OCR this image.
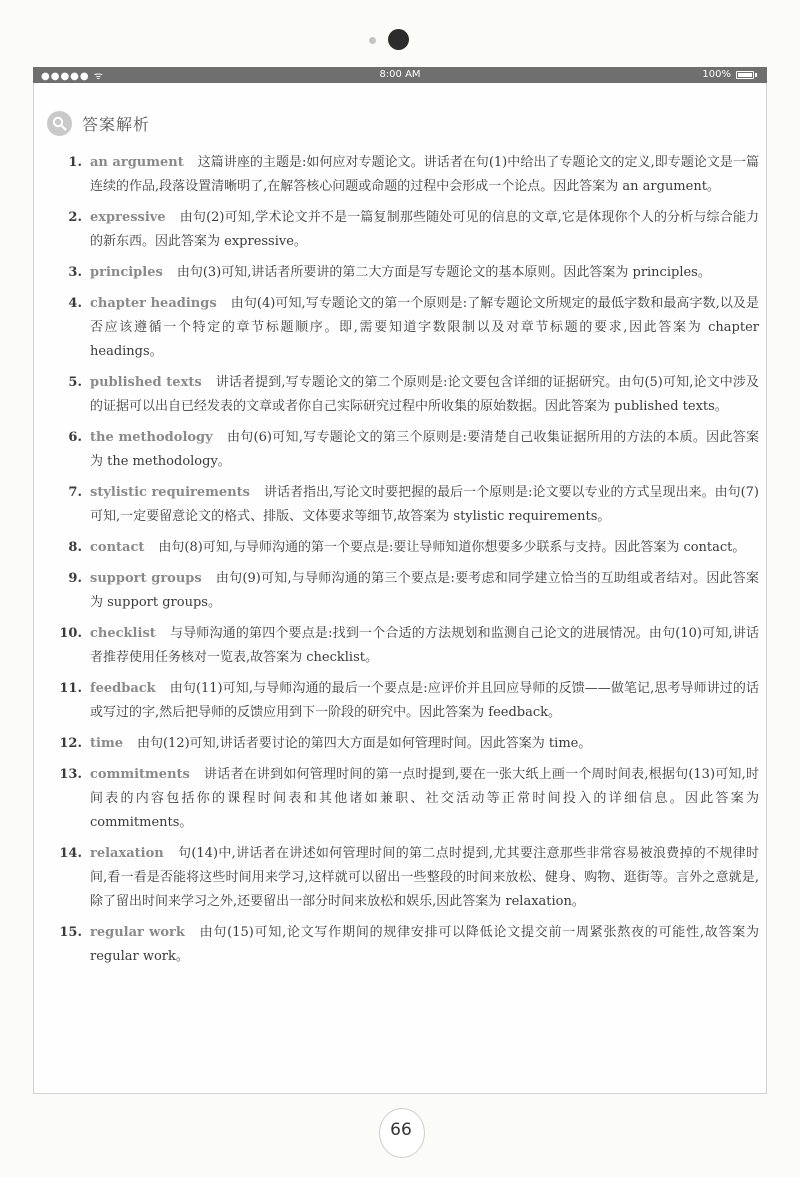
●●●●● ᯤ	8:00 AM	100%
答案解析
1. an argument 这篇讲座的主题是:如何应对专题论文。讲话者在句(1)中给出了专题论文的定义,即专题论文是一篇连续的作品,段落设置清晰明了,在解答核心问题或命题的过程中会形成一个论点。因此答案为 an argument。
2. expressive 由句(2)可知,学术论文并不是一篇复制那些随处可见的信息的文章,它是体现你个人的分析与综合能力的新东西。因此答案为 expressive。
3. principles 由句(3)可知,讲话者所要讲的第二大方面是写专题论文的基本原则。因此答案为 principles。
4. chapter headings 由句(4)可知,写专题论文的第一个原则是:了解专题论文所规定的最低字数和最高字数,以及是否应该遵循一个特定的章节标题顺序。即,需要知道字数限制以及对章节标题的要求,因此答案为 chapter headings。
5. published texts 讲话者提到,写专题论文的第二个原则是:论文要包含详细的证据研究。由句(5)可知,论文中涉及的证据可以出自已经发表的文章或者你自己实际研究过程中所收集的原始数据。因此答案为 published texts。
6. the methodology 由句(6)可知,写专题论文的第三个原则是:要清楚自己收集证据所用的方法的本质。因此答案为 the methodology。
7. stylistic requirements 讲话者指出,写论文时要把握的最后一个原则是:论文要以专业的方式呈现出来。由句(7)可知,一定要留意论文的格式、排版、文体要求等细节,故答案为 stylistic requirements。
8. contact 由句(8)可知,与导师沟通的第一个要点是:要让导师知道你想要多少联系与支持。因此答案为 contact。
9. support groups 由句(9)可知,与导师沟通的第三个要点是:要考虑和同学建立恰当的互助组或者结对。因此答案为 support groups。
10. checklist 与导师沟通的第四个要点是:找到一个合适的方法规划和监测自己论文的进展情况。由句(10)可知,讲话者推荐使用任务核对一览表,故答案为 checklist。
11. feedback 由句(11)可知,与导师沟通的最后一个要点是:应评价并且回应导师的反馈——做笔记,思考导师讲过的话或写过的字,然后把导师的反馈应用到下一阶段的研究中。因此答案为 feedback。
12. time 由句(12)可知,讲话者要讨论的第四大方面是如何管理时间。因此答案为 time。
13. commitments 讲话者在讲到如何管理时间的第一点时提到,要在一张大纸上画一个周时间表,根据句(13)可知,时间表的内容包括你的课程时间表和其他诸如兼职、社交活动等正常时间投入的详细信息。因此答案为 commitments。
14. relaxation 句(14)中,讲话者在讲述如何管理时间的第二点时提到,尤其要注意那些非常容易被浪费掉的不规律时间,看一看是否能将这些时间用来学习,这样就可以留出一些整段的时间来放松、健身、购物、逛街等。言外之意就是,除了留出时间来学习之外,还要留出一部分时间来放松和娱乐,因此答案为 relaxation。
15. regular work 由句(15)可知,论文写作期间的规律安排可以降低论文提交前一周紧张熬夜的可能性,故答案为 regular work。
66
